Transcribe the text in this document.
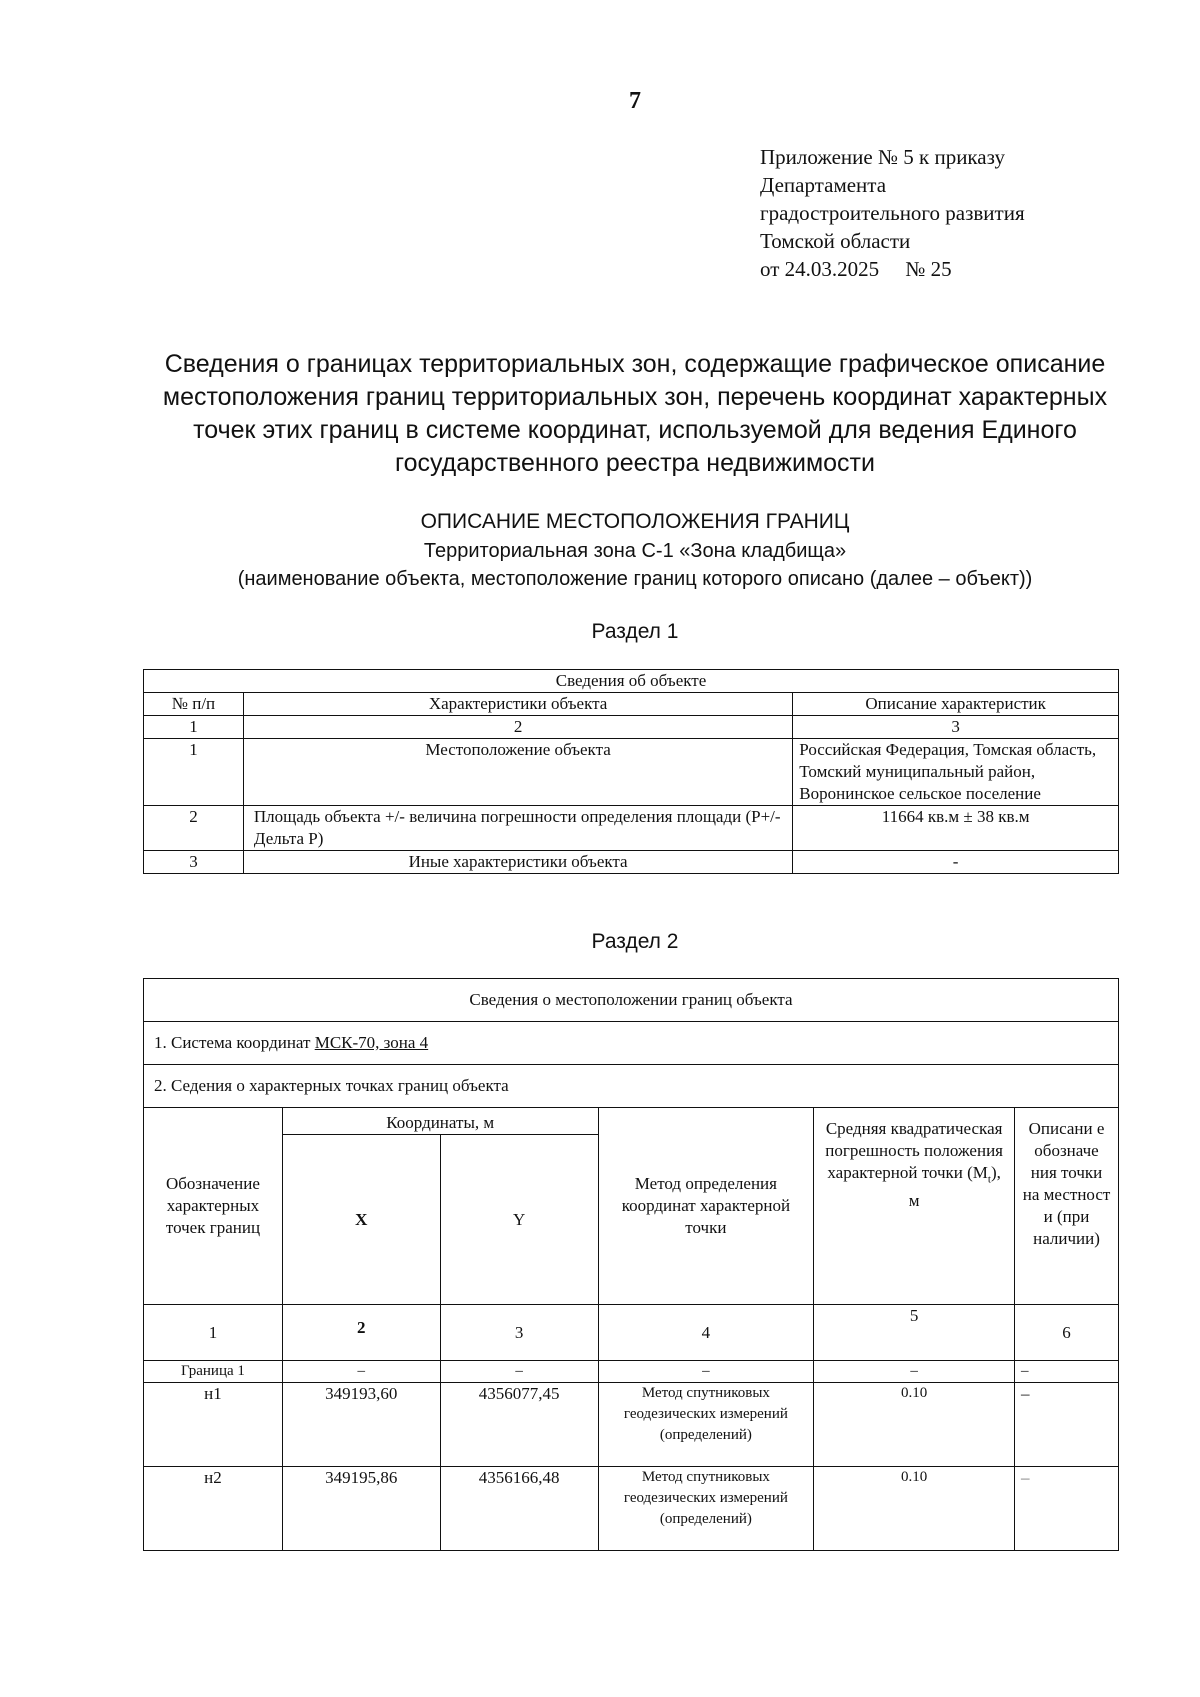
7
Приложение № 5 к приказу
Департамента
градостроительного развития
Томской области
от 24.03.2025     № 25
Сведения о границах территориальных зон, содержащие графическое описание местоположения границ территориальных зон, перечень координат характерных точек этих границ в системе координат, используемой для ведения Единого государственного реестра недвижимости
ОПИСАНИЕ МЕСТОПОЛОЖЕНИЯ ГРАНИЦ
Территориальная зона С-1 «Зона кладбища»
(наименование объекта, местоположение границ которого описано (далее – объект))
Раздел 1
Сведения об объекте		
№ п/п	Характеристики объекта	Описание характеристик
1	2	3
1	Местоположение объекта	Российская Федерация, Томская область, Томский муниципальный район, Воронинское сельское поселение
2	Площадь объекта +/- величина погрешности определения площади (P+/- Дельта P)	11664 кв.м ± 38 кв.м
3	Иные характеристики объекта	-
Раздел 2
Сведения о местоположении границ объекта					
1. Система координат МСК-70, зона 4					
2. Седения о характерных точках границ объекта					
Обозначение характерных точек границ	Координаты, м		Метод определения координат характерной точки	Средняя квадратическая погрешность положения характерной точки $(M_t)$, м	Описани е обозначе ния точки на местност и (при наличии)
	X	Y			
1	2	3	4	5	6
Граница 1	–	–	–	–	–
н1	349193,60	4356077,45	Метод спутниковых геодезических измерений (определений)	0.10	–
н2	349195,86	4356166,48	Метод спутниковых геодезических измерений (определений)	0.10	–
